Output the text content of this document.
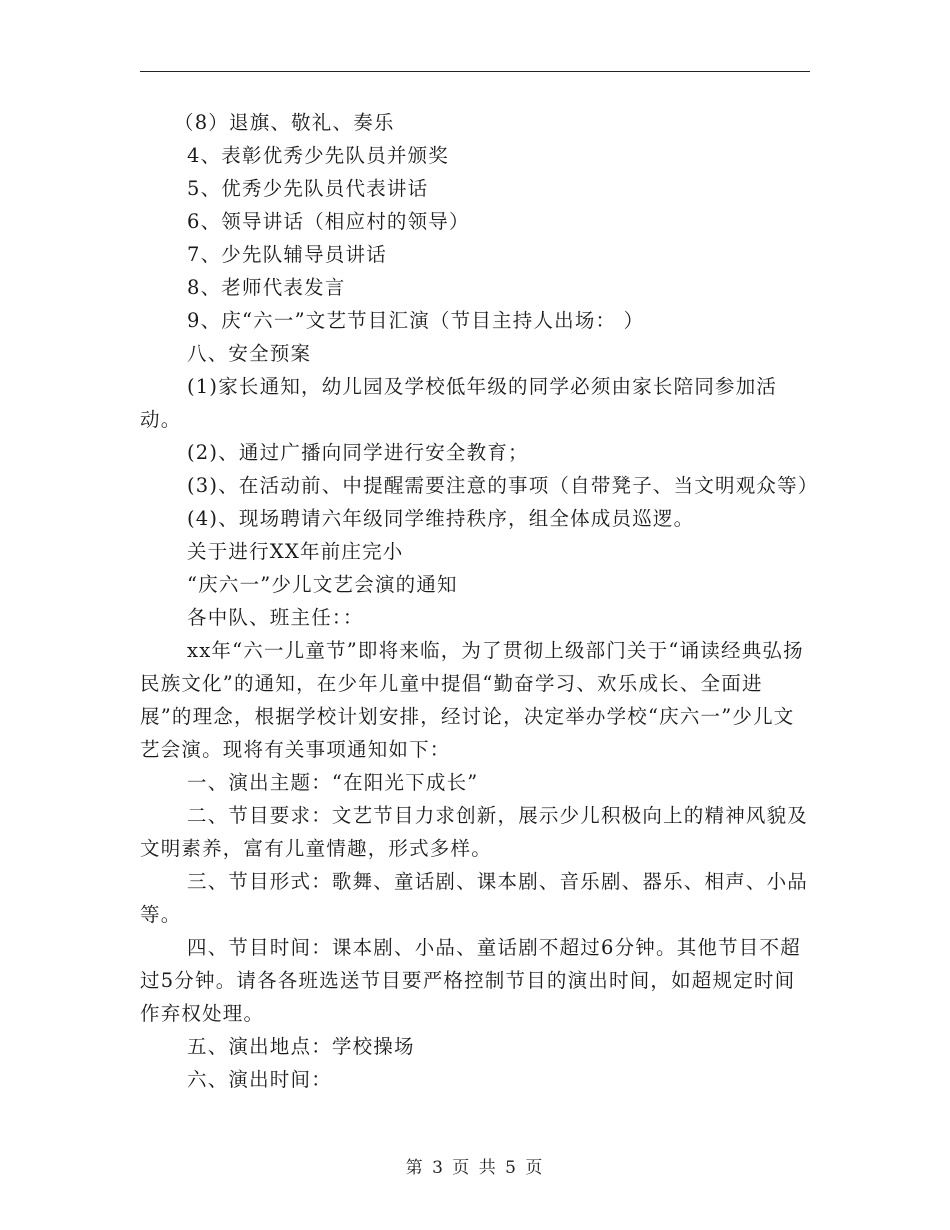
（8）退旗、敬礼、奏乐

4、表彰优秀少先队员并颁奖

5、优秀少先队员代表讲话

6、领导讲话（相应村的领导）

7、少先队辅导员讲话

8、老师代表发言

9、庆“六一”文艺节目汇演（节目主持人出场： ）

八、安全预案

(1)家长通知，幼儿园及学校低年级的同学必须由家长陪同参加活动。

(2)、通过广播向同学进行安全教育；

(3)、在活动前、中提醒需要注意的事项（自带凳子、当文明观众等）

(4)、现场聘请六年级同学维持秩序，组全体成员巡逻。

关于进行XX年前庄完小

“庆六一”少儿文艺会演的通知

各中队、班主任：：

xx年“六一儿童节”即将来临，为了贯彻上级部门关于“诵读经典弘扬民族文化”的通知，在少年儿童中提倡“勤奋学习、欢乐成长、全面进展”的理念，根据学校计划安排，经讨论，决定举办学校“庆六一”少儿文艺会演。现将有关事项通知如下：

一、演出主题：“在阳光下成长”

二、节目要求：文艺节目力求创新，展示少儿积极向上的精神风貌及文明素养，富有儿童情趣，形式多样。

三、节目形式：歌舞、童话剧、课本剧、音乐剧、器乐、相声、小品等。

四、节目时间：课本剧、小品、童话剧不超过6分钟。其他节目不超过5分钟。请各各班选送节目要严格控制节目的演出时间，如超规定时间作弃权处理。

五、演出地点：学校操场

六、演出时间：

第 3 页 共 5 页
